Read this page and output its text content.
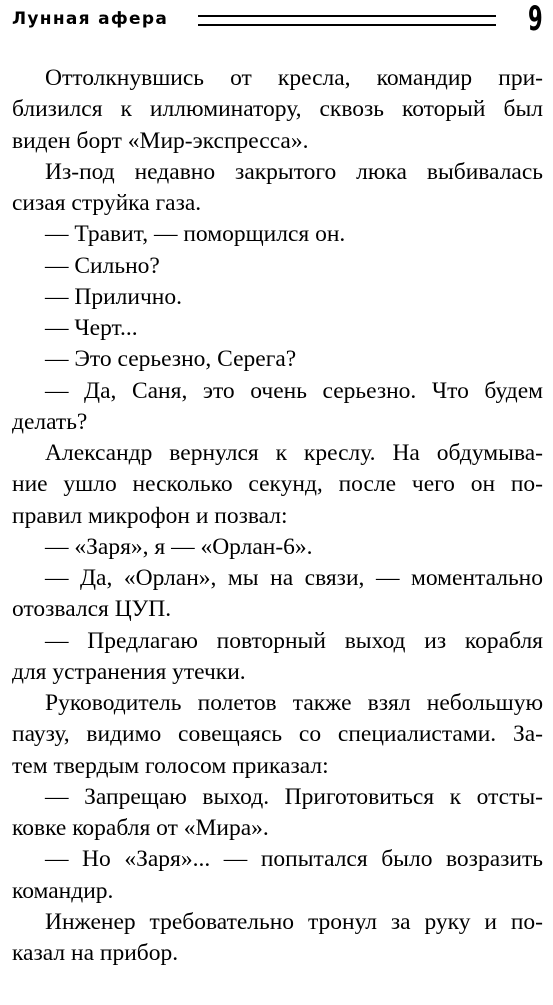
Лунная афера	9
Оттолкнувшись от кресла, командир при-
близился к иллюминатору, сквозь который был
виден борт «Мир-экспресса».
Из-под недавно закрытого люка выбивалась
сизая струйка газа.
— Травит, — поморщился он.
— Сильно?
— Прилично.
— Черт...
— Это серьезно, Серега?
— Да, Саня, это очень серьезно. Что будем
делать?
Александр вернулся к креслу. На обдумыва-
ние ушло несколько секунд, после чего он по-
правил микрофон и позвал:
— «Заря», я — «Орлан-6».
— Да, «Орлан», мы на связи, — моментально
отозвался ЦУП.
— Предлагаю повторный выход из корабля
для устранения утечки.
Руководитель полетов также взял небольшую
паузу, видимо совещаясь со специалистами. За-
тем твердым голосом приказал:
— Запрещаю выход. Приготовиться к отсты-
ковке корабля от «Мира».
— Но «Заря»... — попытался было возразить
командир.
Инженер требовательно тронул за руку и по-
казал на прибор.
